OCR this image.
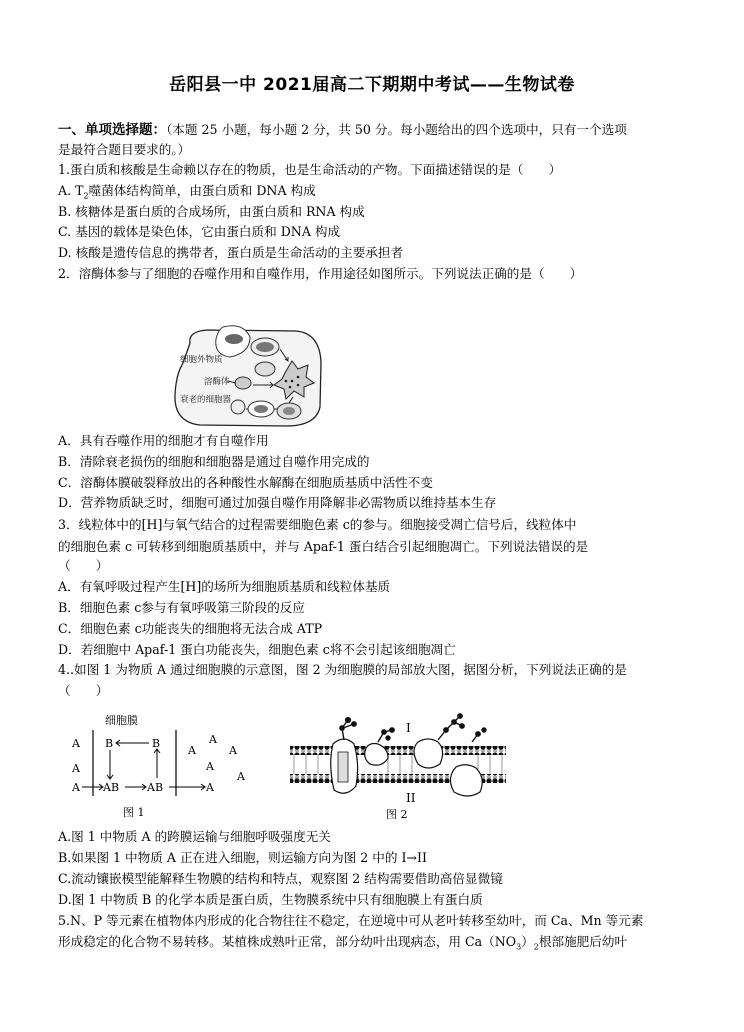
岳阳县一中 2021届高二下期期中考试——生物试卷
一、单项选择题：（本题 25 小题，每小题 2 分，共 50 分。每小题给出的四个选项中，只有一个选项
是最符合题目要求的。）
1.蛋白质和核酸是生命赖以存在的物质，也是生命活动的产物。下面描述错误的是（　　）
A. $T_2$噬菌体结构简单，由蛋白质和 DNA 构成
B. 核糖体是蛋白质的合成场所，由蛋白质和 RNA 构成
C. 基因的载体是染色体，它由蛋白质和 DNA 构成
D. 核酸是遗传信息的携带者，蛋白质是生命活动的主要承担者
2．溶酶体参与了细胞的吞噬作用和自噬作用，作用途径如图所示。下列说法正确的是（　　）
细胞外物质
溶酶体
衰老的细胞器
A．具有吞噬作用的细胞才有自噬作用
B．清除衰老损伤的细胞和细胞器是通过自噬作用完成的
C．溶酶体膜破裂释放出的各种酸性水解酶在细胞质基质中活性不变
D．营养物质缺乏时，细胞可通过加强自噬作用降解非必需物质以维持基本生存
3．线粒体中的[H]与氧气结合的过程需要细胞色素 c的参与。细胞接受凋亡信号后，线粒体中
的细胞色素 c 可转移到细胞质基质中，并与 Apaf-1 蛋白结合引起细胞凋亡。下列说法错误的是
（　　）
A．有氧呼吸过程产生[H]的场所为细胞质基质和线粒体基质
B．细胞色素 c参与有氧呼吸第三阶段的反应
C．细胞色素 c功能丧失的细胞将无法合成 ATP
D．若细胞中 Apaf-1 蛋白功能丧失，细胞色素 c将不会引起该细胞凋亡
4..如图 1 为物质 A 通过细胞膜的示意图，图 2 为细胞膜的局部放大图，据图分析，下列说法正确的是
（　　）
细胞膜
A
A
A
B	B
AB	AB	A
A
A
A
A
A
图 1
I
II
图 2
A.图 1 中物质 A 的跨膜运输与细胞呼吸强度无关
B.如果图 1 中物质 A 正在进入细胞，则运输方向为图 2 中的 I→II
C.流动镶嵌模型能解释生物膜的结构和特点，观察图 2 结构需要借助高倍显微镜
D.图 1 中物质 B 的化学本质是蛋白质，生物膜系统中只有细胞膜上有蛋白质
5.N、P 等元素在植物体内形成的化合物往往不稳定，在逆境中可从老叶转移至幼叶，而 Ca、Mn 等元素
形成稳定的化合物不易转移。某植株成熟叶正常，部分幼叶出现病态，用 $Ca(NO_3)_2$根部施肥后幼叶
